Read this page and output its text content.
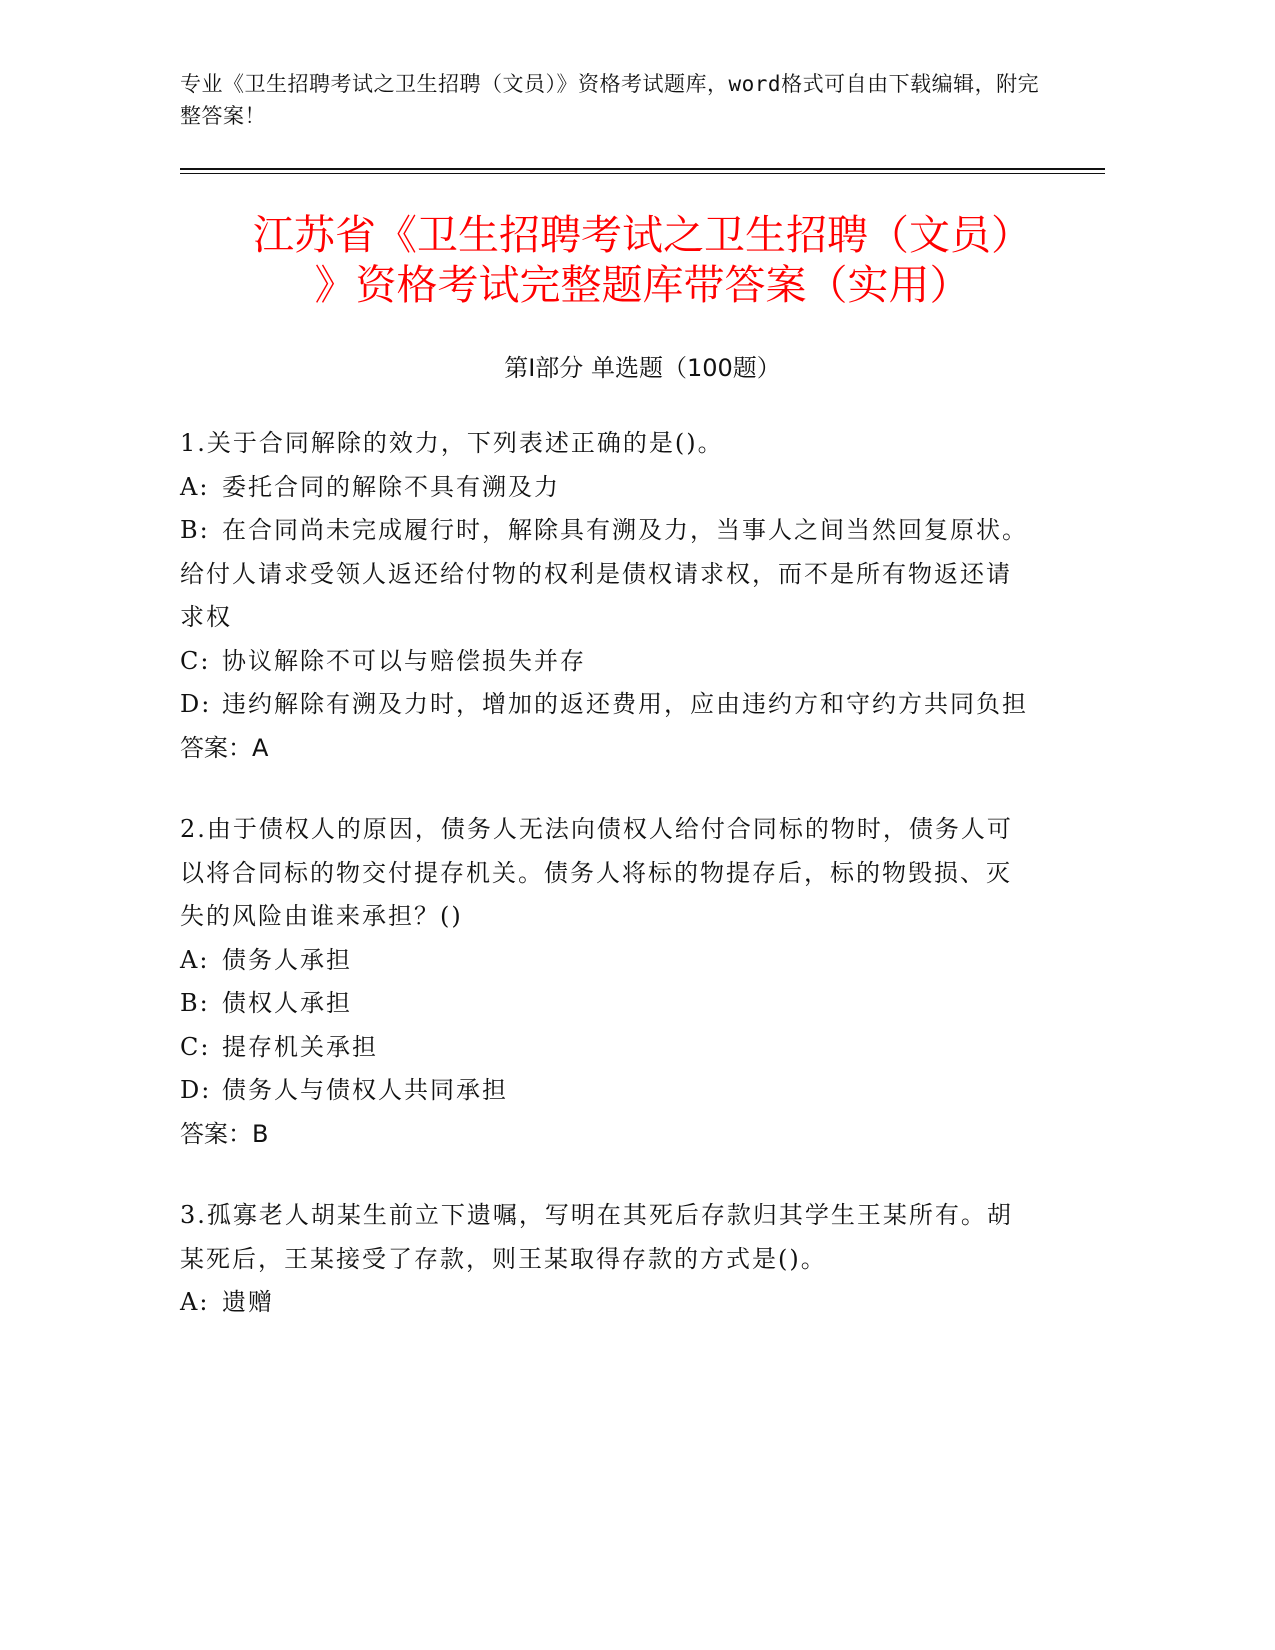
专业《卫生招聘考试之卫生招聘（文员）》资格考试题库，word格式可自由下载编辑，附完整答案！
江苏省《卫生招聘考试之卫生招聘（文员）
》资格考试完整题库带答案（实用）
第Ⅰ部分 单选题（100题）
1.关于合同解除的效力，下列表述正确的是()。
A: 委托合同的解除不具有溯及力
B: 在合同尚未完成履行时，解除具有溯及力，当事人之间当然回复原状。给付人请求受领人返还给付物的权利是债权请求权，而不是所有物返还请求权
C: 协议解除不可以与赔偿损失并存
D: 违约解除有溯及力时，增加的返还费用，应由违约方和守约方共同负担
答案：A
2.由于债权人的原因，债务人无法向债权人给付合同标的物时，债务人可以将合同标的物交付提存机关。债务人将标的物提存后，标的物毁损、灭失的风险由谁来承担？()
A: 债务人承担
B: 债权人承担
C: 提存机关承担
D: 债务人与债权人共同承担
答案：B
3.孤寡老人胡某生前立下遗嘱，写明在其死后存款归其学生王某所有。胡某死后，王某接受了存款，则王某取得存款的方式是()。
A: 遗赠
